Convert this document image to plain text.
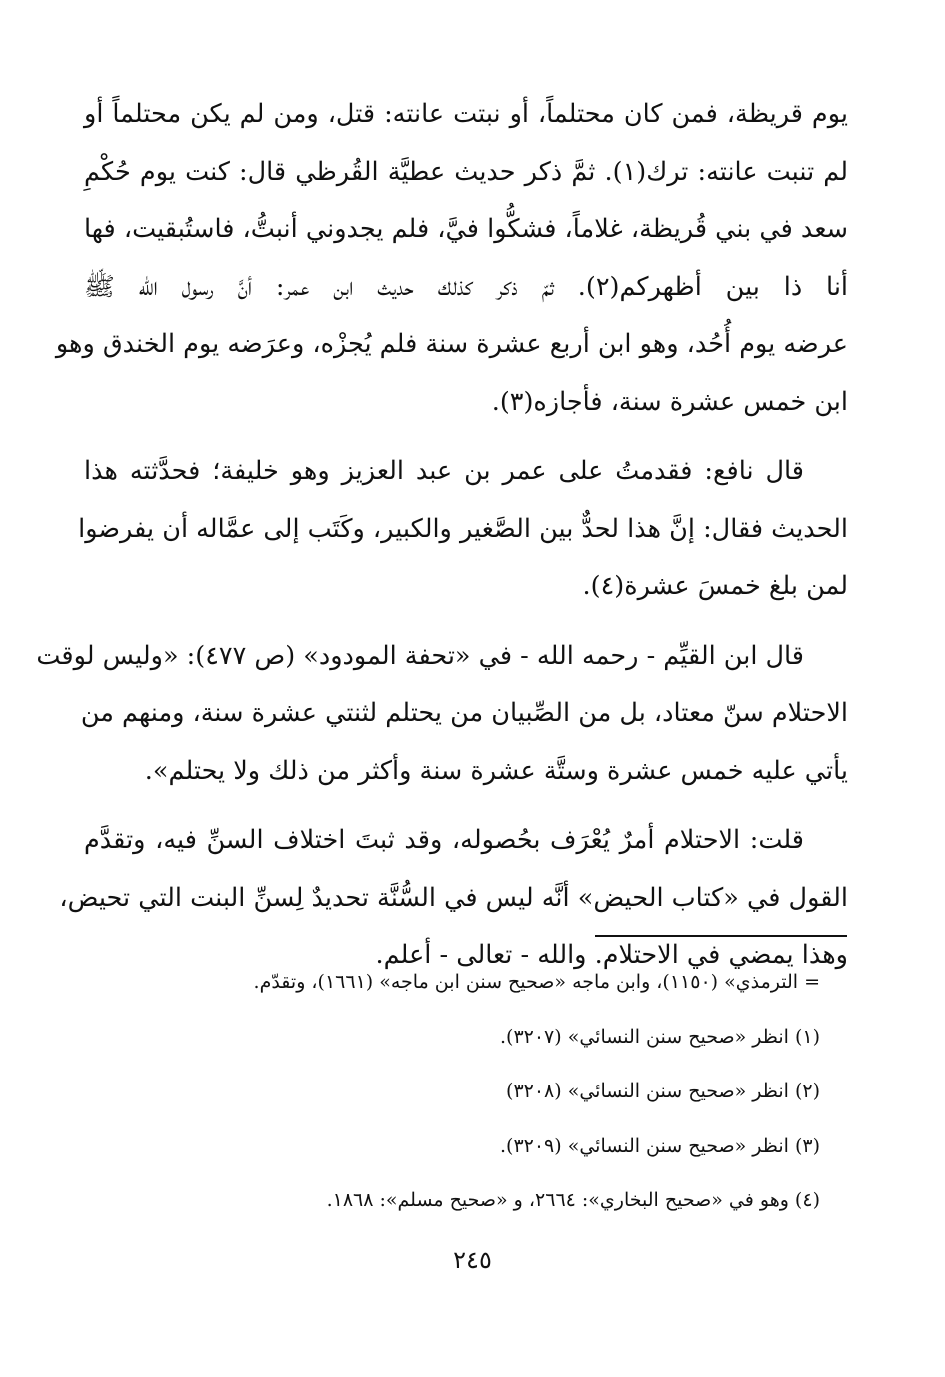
يوم قريظة، فمن كان محتلماً، أو نبتت عانته: قتل، ومن لم يكن محتلماً أو
لم تنبت عانته: ترك(١). ثمَّ ذكر حديث عطيَّة القُرظي قال: كنت يوم حُكْمِ
سعد في بني قُريظة، غلاماً، فشكُّوا فيَّ، فلم يجدوني أنبتُّ، فاستُبقيت، فها
أنا ذا بين أظهركم(٢). ثمّ ذكر كذلك حديث ابن عمر: أنَّ رسول الله ﷺ
عرضه يوم أُحُد، وهو ابن أربع عشرة سنة فلم يُجزْه، وعرَضه يوم الخندق وهو
ابن خمس عشرة سنة، فأجازه(٣).
قال نافع: فقدمتُ على عمر بن عبد العزيز وهو خليفة؛ فحدَّثته هذا
الحديث فقال: إنَّ هذا لحدٌّ بين الصَّغير والكبير، وكَتَب إلى عمَّاله أن يفرضوا
لمن بلغ خمسَ عشرة(٤).
قال ابن القيِّم - رحمه الله - في «تحفة المودود» (ص ٤٧٧): «وليس لوقت
الاحتلام سنّ معتاد، بل من الصِّبيان من يحتلم لثنتي عشرة سنة، ومنهم من
يأتي عليه خمس عشرة وستَّة عشرة سنة وأكثر من ذلك ولا يحتلم».
قلت: الاحتلام أمرٌ يُعْرَف بحُصوله، وقد ثبتَ اختلاف السنِّ فيه، وتقدَّم
القول في «كتاب الحيض» أنَّه ليس في السُّنَّة تحديدٌ لِسنِّ البنت التي تحيض،
وهذا يمضي في الاحتلام. والله - تعالى - أعلم.
= الترمذي» (١١٥٠)، وابن ماجه «صحيح سنن ابن ماجه» (١٦٦١)، وتقدّم.
(١) انظر «صحيح سنن النسائي» (٣٢٠٧).
(٢) انظر «صحيح سنن النسائي» (٣٢٠٨)
(٣) انظر «صحيح سنن النسائي» (٣٢٠٩).
(٤) وهو في «صحيح البخاري»: ٢٦٦٤، و «صحيح مسلم»: ١٨٦٨.
٢٤٥
